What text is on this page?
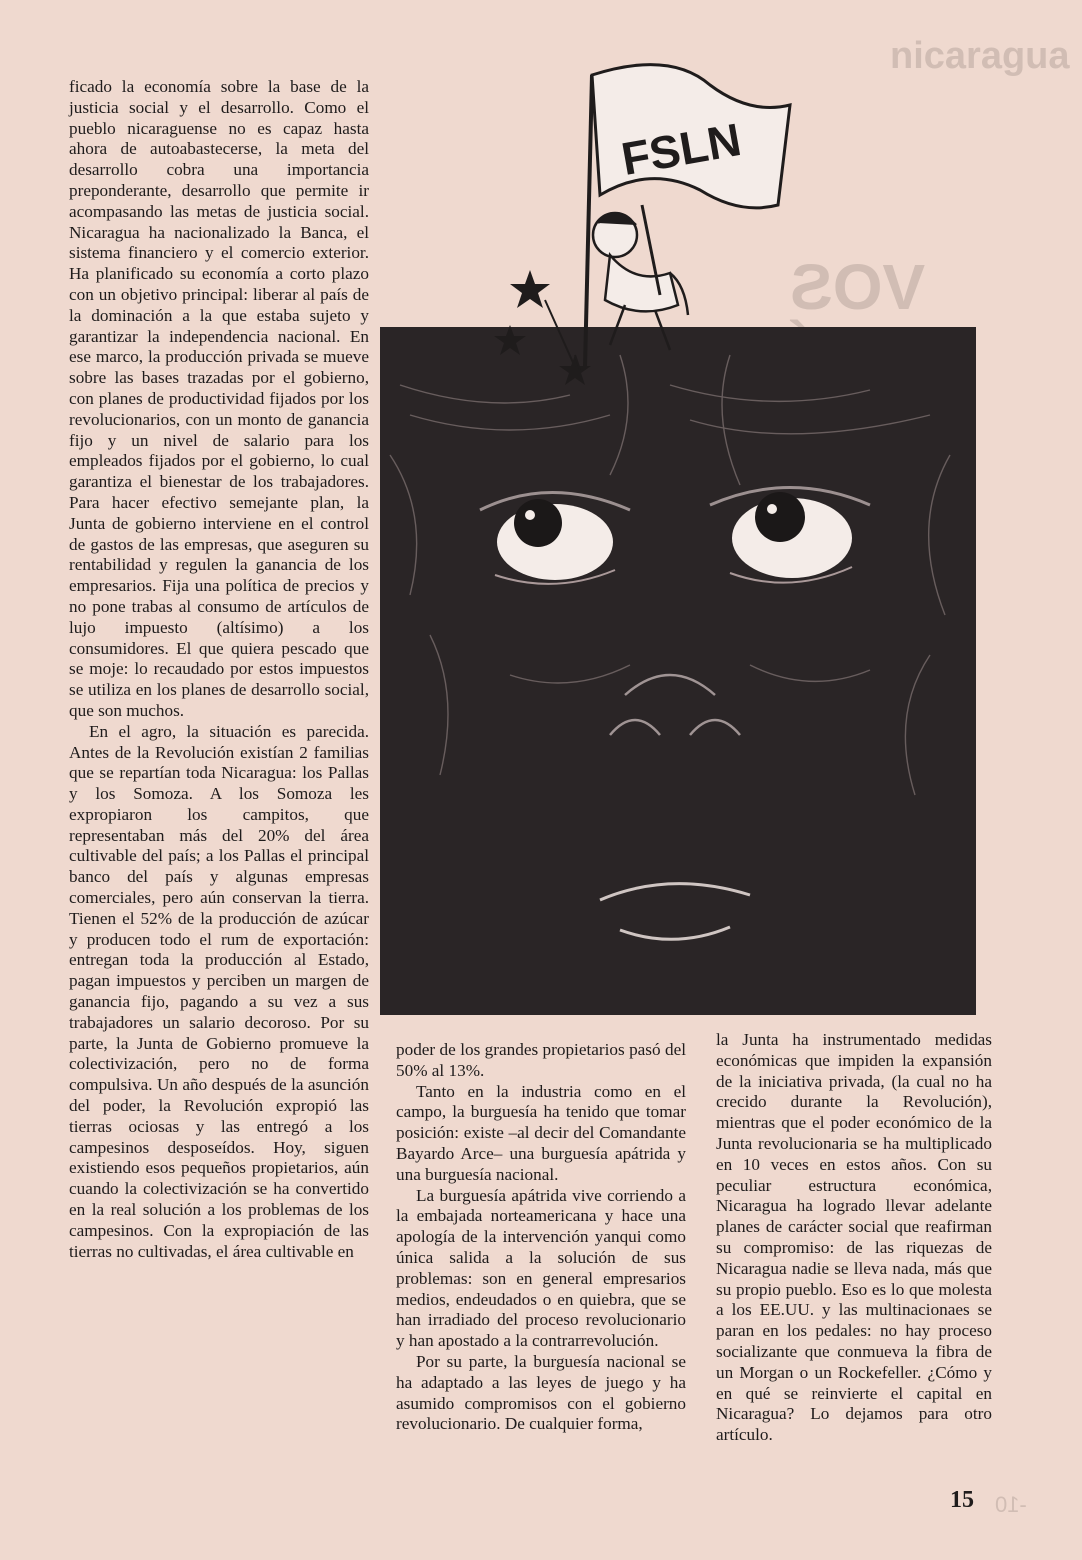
nicaragua
VOS
-10
FSLN

ficado la economía sobre la base de la justicia social y el desarrollo. Como el pueblo nicaraguense no es capaz hasta ahora de autoabastecerse, la meta del desarrollo cobra una importancia preponderante, desarrollo que permite ir acompasando las metas de justicia social. Nicaragua ha nacionalizado la Banca, el sistema financiero y el comercio exterior. Ha planificado su economía a corto plazo con un objetivo principal: liberar al país de la dominación a la que estaba sujeto y garantizar la independencia nacional. En ese marco, la producción privada se mueve sobre las bases trazadas por el gobierno, con planes de productividad fijados por los revolucionarios, con un monto de ganancia fijo y un nivel de salario para los empleados fijados por el gobierno, lo cual garantiza el bienestar de los trabajadores. Para hacer efectivo semejante plan, la Junta de gobierno interviene en el control de gastos de las empresas, que aseguren su rentabilidad y regulen la ganancia de los empresarios. Fija una política de precios y no pone trabas al consumo de artículos de lujo impuesto (altísimo) a los consumidores. El que quiera pescado que se moje: lo recaudado por estos impuestos se utiliza en los planes de desarrollo social, que son muchos.

En el agro, la situación es parecida. Antes de la Revolución existían 2 familias que se repartían toda Nicaragua: los Pallas y los Somoza. A los Somoza les expropiaron los campitos, que representaban más del 20% del área cultivable del país; a los Pallas el principal banco del país y algunas empresas comerciales, pero aún conservan la tierra. Tienen el 52% de la producción de azúcar y producen todo el rum de exportación: entregan toda la producción al Estado, pagan impuestos y perciben un margen de ganancia fijo, pagando a su vez a sus trabajadores un salario decoroso. Por su parte, la Junta de Gobierno promueve la colectivización, pero no de forma compulsiva. Un año después de la asunción del poder, la Revolución expropió las tierras ociosas y las entregó a los campesinos desposeídos. Hoy, siguen existiendo esos pequeños propietarios, aún cuando la colectivización se ha convertido en la real solución a los problemas de los campesinos. Con la expropiación de las tierras no cultivadas, el área cultivable en

poder de los grandes propietarios pasó del 50% al 13%.

Tanto en la industria como en el campo, la burguesía ha tenido que tomar posición: existe –al decir del Comandante Bayardo Arce– una burguesía apátrida y una burguesía nacional.

La burguesía apátrida vive corriendo a la embajada norteamericana y hace una apología de la intervención yanqui como única salida a la solución de sus problemas: son en general empresarios medios, endeudados o en quiebra, que se han irradiado del proceso revolucionario y han apostado a la contrarrevolución.

Por su parte, la burguesía nacional se ha adaptado a las leyes de juego y ha asumido compromisos con el gobierno revolucionario. De cualquier forma,

la Junta ha instrumentado medidas económicas que impiden la expansión de la iniciativa privada, (la cual no ha crecido durante la Revolución), mientras que el poder económico de la Junta revolucionaria se ha multiplicado en 10 veces en estos años. Con su peculiar estructura económica, Nicaragua ha logrado llevar adelante planes de carácter social que reafirman su compromiso: de las riquezas de Nicaragua nadie se lleva nada, más que su propio pueblo. Eso es lo que molesta a los EE.UU. y las multinacionaes se paran en los pedales: no hay proceso socializante que conmueva la fibra de un Morgan o un Rockefeller. ¿Cómo y en qué se reinvierte el capital en Nicaragua? Lo dejamos para otro artículo.

15
